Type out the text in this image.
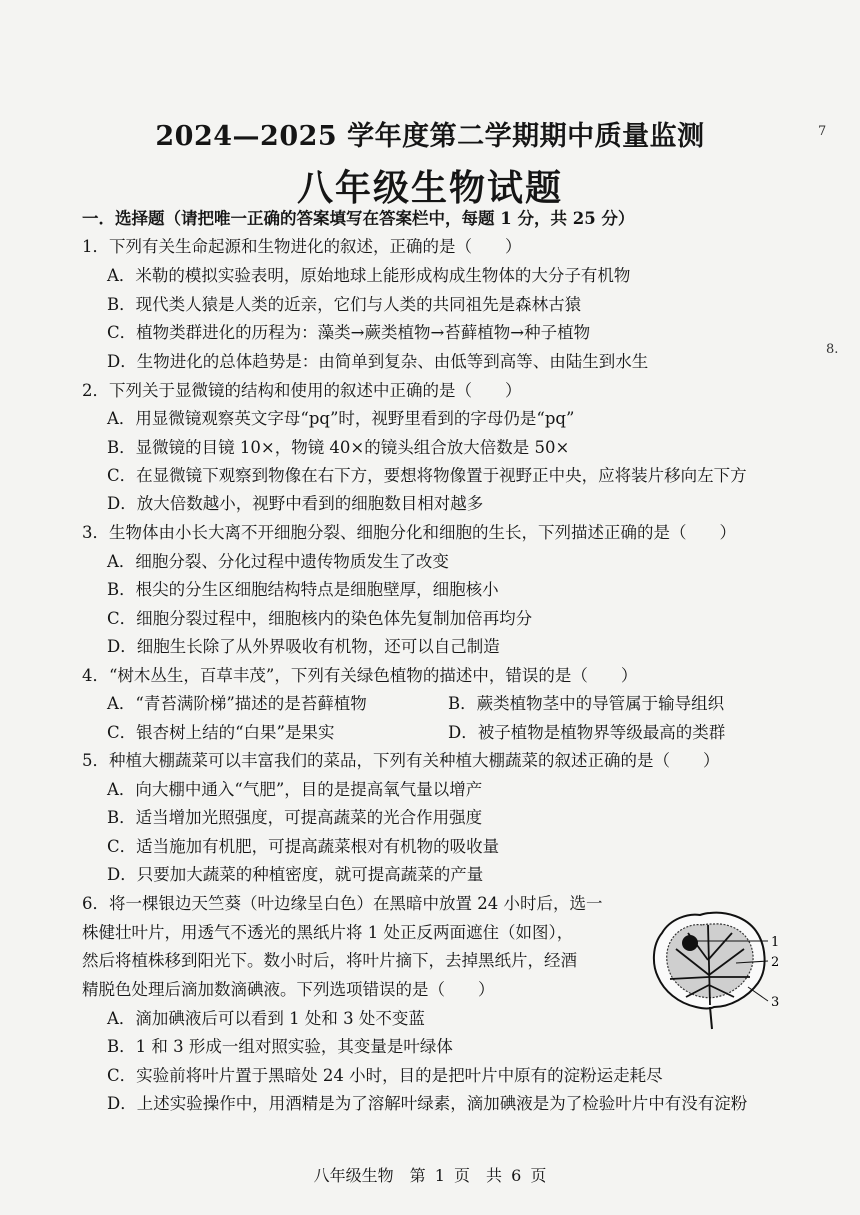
7
8.
2024—2025 学年度第二学期期中质量监测
八年级生物试题
一．选择题（请把唯一正确的答案填写在答案栏中，每题 1 分，共 25 分）
1．下列有关生命起源和生物进化的叙述，正确的是（　　）
A．米勒的模拟实验表明，原始地球上能形成构成生物体的大分子有机物
B．现代类人猿是人类的近亲，它们与人类的共同祖先是森林古猿
C．植物类群进化的历程为：藻类→蕨类植物→苔藓植物→种子植物
D．生物进化的总体趋势是：由简单到复杂、由低等到高等、由陆生到水生
2．下列关于显微镜的结构和使用的叙述中正确的是（　　）
A．用显微镜观察英文字母“pq”时，视野里看到的字母仍是“pq”
B．显微镜的目镜 10×，物镜 40×的镜头组合放大倍数是 50×
C．在显微镜下观察到物像在右下方，要想将物像置于视野正中央，应将装片移向左下方
D．放大倍数越小，视野中看到的细胞数目相对越多
3．生物体由小长大离不开细胞分裂、细胞分化和细胞的生长，下列描述正确的是（　　）
A．细胞分裂、分化过程中遗传物质发生了改变
B．根尖的分生区细胞结构特点是细胞壁厚，细胞核小
C．细胞分裂过程中，细胞核内的染色体先复制加倍再均分
D．细胞生长除了从外界吸收有机物，还可以自己制造
4．“树木丛生，百草丰茂”，下列有关绿色植物的描述中，错误的是（　　）
A．“青苔满阶梯”描述的是苔藓植物	B．蕨类植物茎中的导管属于输导组织
C．银杏树上结的“白果”是果实	D．被子植物是植物界等级最高的类群
5．种植大棚蔬菜可以丰富我们的菜品，下列有关种植大棚蔬菜的叙述正确的是（　　）
A．向大棚中通入“气肥”，目的是提高氧气量以增产
B．适当增加光照强度，可提高蔬菜的光合作用强度
C．适当施加有机肥，可提高蔬菜根对有机物的吸收量
D．只要加大蔬菜的种植密度，就可提高蔬菜的产量
6．将一棵银边天竺葵（叶边缘呈白色）在黑暗中放置 24 小时后，选一
株健壮叶片，用透气不透光的黑纸片将 1 处正反两面遮住（如图），
然后将植株移到阳光下。数小时后，将叶片摘下，去掉黑纸片，经酒
精脱色处理后滴加数滴碘液。下列选项错误的是（　　）
A．滴加碘液后可以看到 1 处和 3 处不变蓝
B．1 和 3 形成一组对照实验，其变量是叶绿体
C．实验前将叶片置于黑暗处 24 小时，目的是把叶片中原有的淀粉运走耗尽
D．上述实验操作中，用酒精是为了溶解叶绿素，滴加碘液是为了检验叶片中有没有淀粉
1
2
3
八年级生物　第 1 页　共 6 页
